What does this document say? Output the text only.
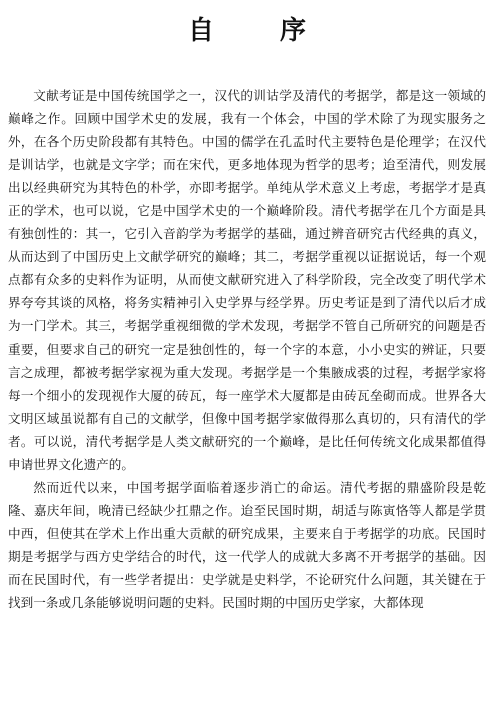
自　序

文献考证是中国传统国学之一，汉代的训诂学及清代的考据学，都是这一领域的巅峰之作。回顾中国学术史的发展，我有一个体会，中国的学术除了为现实服务之外，在各个历史阶段都有其特色。中国的儒学在孔孟时代主要特色是伦理学；在汉代是训诂学，也就是文字学；而在宋代，更多地体现为哲学的思考；迨至清代，则发展出以经典研究为其特色的朴学，亦即考据学。单纯从学术意义上考虑，考据学才是真正的学术，也可以说，它是中国学术史的一个巅峰阶段。清代考据学在几个方面是具有独创性的：其一，它引入音韵学为考据学的基础，通过辨音研究古代经典的真义，从而达到了中国历史上文献学研究的巅峰；其二，考据学重视以证据说话，每一个观点都有众多的史料作为证明，从而使文献研究进入了科学阶段，完全改变了明代学术界夸夸其谈的风格，将务实精神引入史学界与经学界。历史考证是到了清代以后才成为一门学术。其三，考据学重视细微的学术发现，考据学不管自己所研究的问题是否重要，但要求自己的研究一定是独创性的，每一个字的本意，小小史实的辨证，只要言之成理，都被考据学家视为重大发现。考据学是一个集腋成裘的过程，考据学家将每一个细小的发现视作大厦的砖瓦，每一座学术大厦都是由砖瓦垒砌而成。世界各大文明区域虽说都有自己的文献学，但像中国考据学家做得那么真切的，只有清代的学者。可以说，清代考据学是人类文献研究的一个巅峰，是比任何传统文化成果都值得申请世界文化遗产的。

然而近代以来，中国考据学面临着逐步消亡的命运。清代考据的鼎盛阶段是乾隆、嘉庆年间，晚清已经缺少扛鼎之作。迨至民国时期，胡适与陈寅恪等人都是学贯中西，但使其在学术上作出重大贡献的研究成果，主要来自于考据学的功底。民国时期是考据学与西方史学结合的时代，这一代学人的成就大多离不开考据学的基础。因而在民国时代，有一些学者提出：史学就是史料学，不论研究什么问题，其关键在于找到一条或几条能够说明问题的史料。民国时期的中国历史学家，大都体现
